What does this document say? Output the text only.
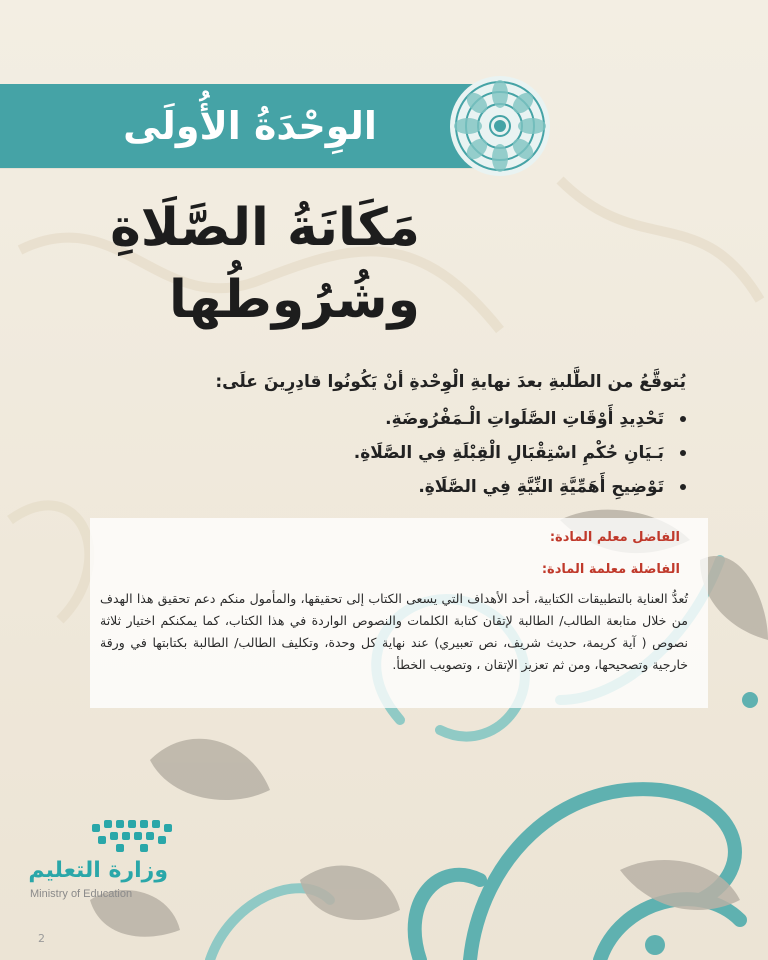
الوِحْدَةُ الأُولَى
مَكَانَةُ الصَّلَاةِ
وشُرُوطُها
يُتوقَّعُ من الطَّلبةِ بعدَ نهايةِ الْوِحْدةِ أنْ يَكُونُوا قادِرِينَ علَى:
تَحْدِيدِ أَوْقَاتِ الصَّلَواتِ الْـمَفْرُوضَةِ.
بَـيَانِ حُكْمِ اسْتِقْبَالِ الْقِبْلَةِ فِي الصَّلَاةِ.
تَوْضِيحِ أَهَمِّيَّةِ النِّيَّةِ فِي الصَّلَاةِ.
الفاضل معلم المادة:
الفاضلة معلمة المادة:
تُعدُّ العناية بالتطبيقات الكتابية، أحد الأهداف التي يسعى الكتاب إلى تحقيقها، والمأمول منكم دعم تحقيق هذا الهدف من خلال متابعة الطالب/ الطالبة لإتقان كتابة الكلمات والنصوص الواردة في هذا الكتاب، كما يمكنكم اختيار ثلاثة نصوص ( آية كريمة، حديث شريف، نص تعبيري) عند نهاية كل وحدة، وتكليف الطالب/ الطالبة بكتابتها في ورقة خارجية وتصحيحها، ومن ثم تعزيز الإتقان ، وتصويب الخطأ.
وزارة التعليم
Ministry of Education
2
